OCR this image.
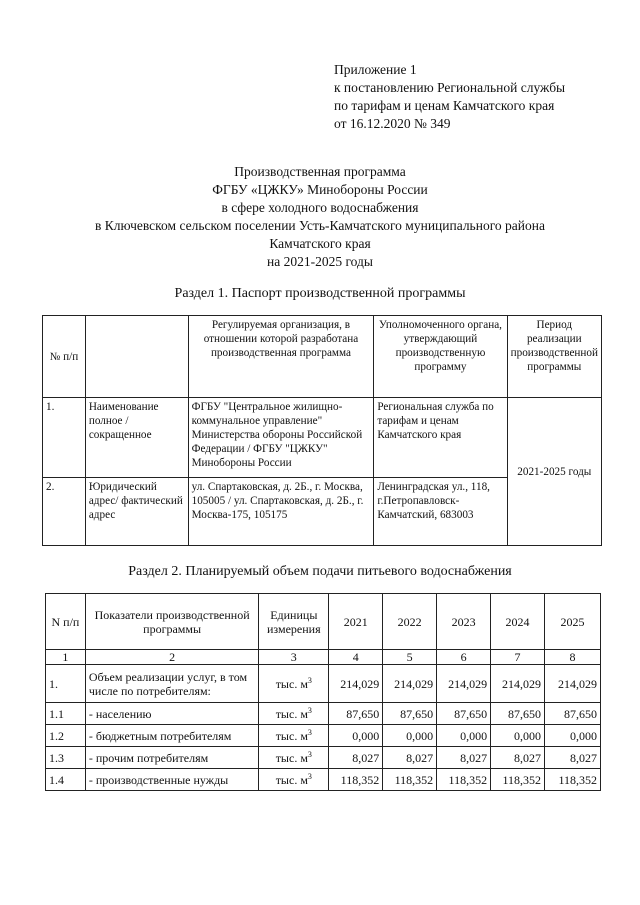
Приложение 1
к постановлению Региональной службы
по тарифам и ценам Камчатского края
от 16.12.2020 № 349
Производственная программа
ФГБУ «ЦЖКУ» Минобороны России
в сфере холодного водоснабжения
в Ключевском сельском поселении Усть-Камчатского муниципального района
Камчатского края
на 2021-2025 годы
Раздел 1. Паспорт производственной программы
№ п/п		Регулируемая организация, в отношении которой разработана производственная программа	Уполномоченного органа, утверждающий производственную программу	Период реализации производственной программы
1.	Наименование полное / сокращенное	ФГБУ "Центральное жилищно-коммунальное управление" Министерства обороны Российской Федерации / ФГБУ "ЦЖКУ" Минобороны России	Региональная служба по тарифам и ценам Камчатского края	2021-2025 годы
2.	Юридический адрес/ фактический адрес	ул. Спартаковская, д. 2Б., г. Москва, 105005 / ул. Спартаковская, д. 2Б., г. Москва-175, 105175	Ленинградская ул., 118, г.Петропавловск-Камчатский, 683003	
Раздел 2. Планируемый объем подачи питьевого водоснабжения
N п/п	Показатели производственной программы	Единицы измерения	2021	2022	2023	2024	2025
1	2	3	4	5	6	7	8
1.	Объем реализации услуг, в том числе по потребителям:	тыс. $м^3$	214,029	214,029	214,029	214,029	214,029
1.1	- населению	тыс. $м^3$	87,650	87,650	87,650	87,650	87,650
1.2	- бюджетным потребителям	тыс. $м^3$	0,000	0,000	0,000	0,000	0,000
1.3	- прочим потребителям	тыс. $м^3$	8,027	8,027	8,027	8,027	8,027
1.4	- производственные нужды	тыс. $м^3$	118,352	118,352	118,352	118,352	118,352
